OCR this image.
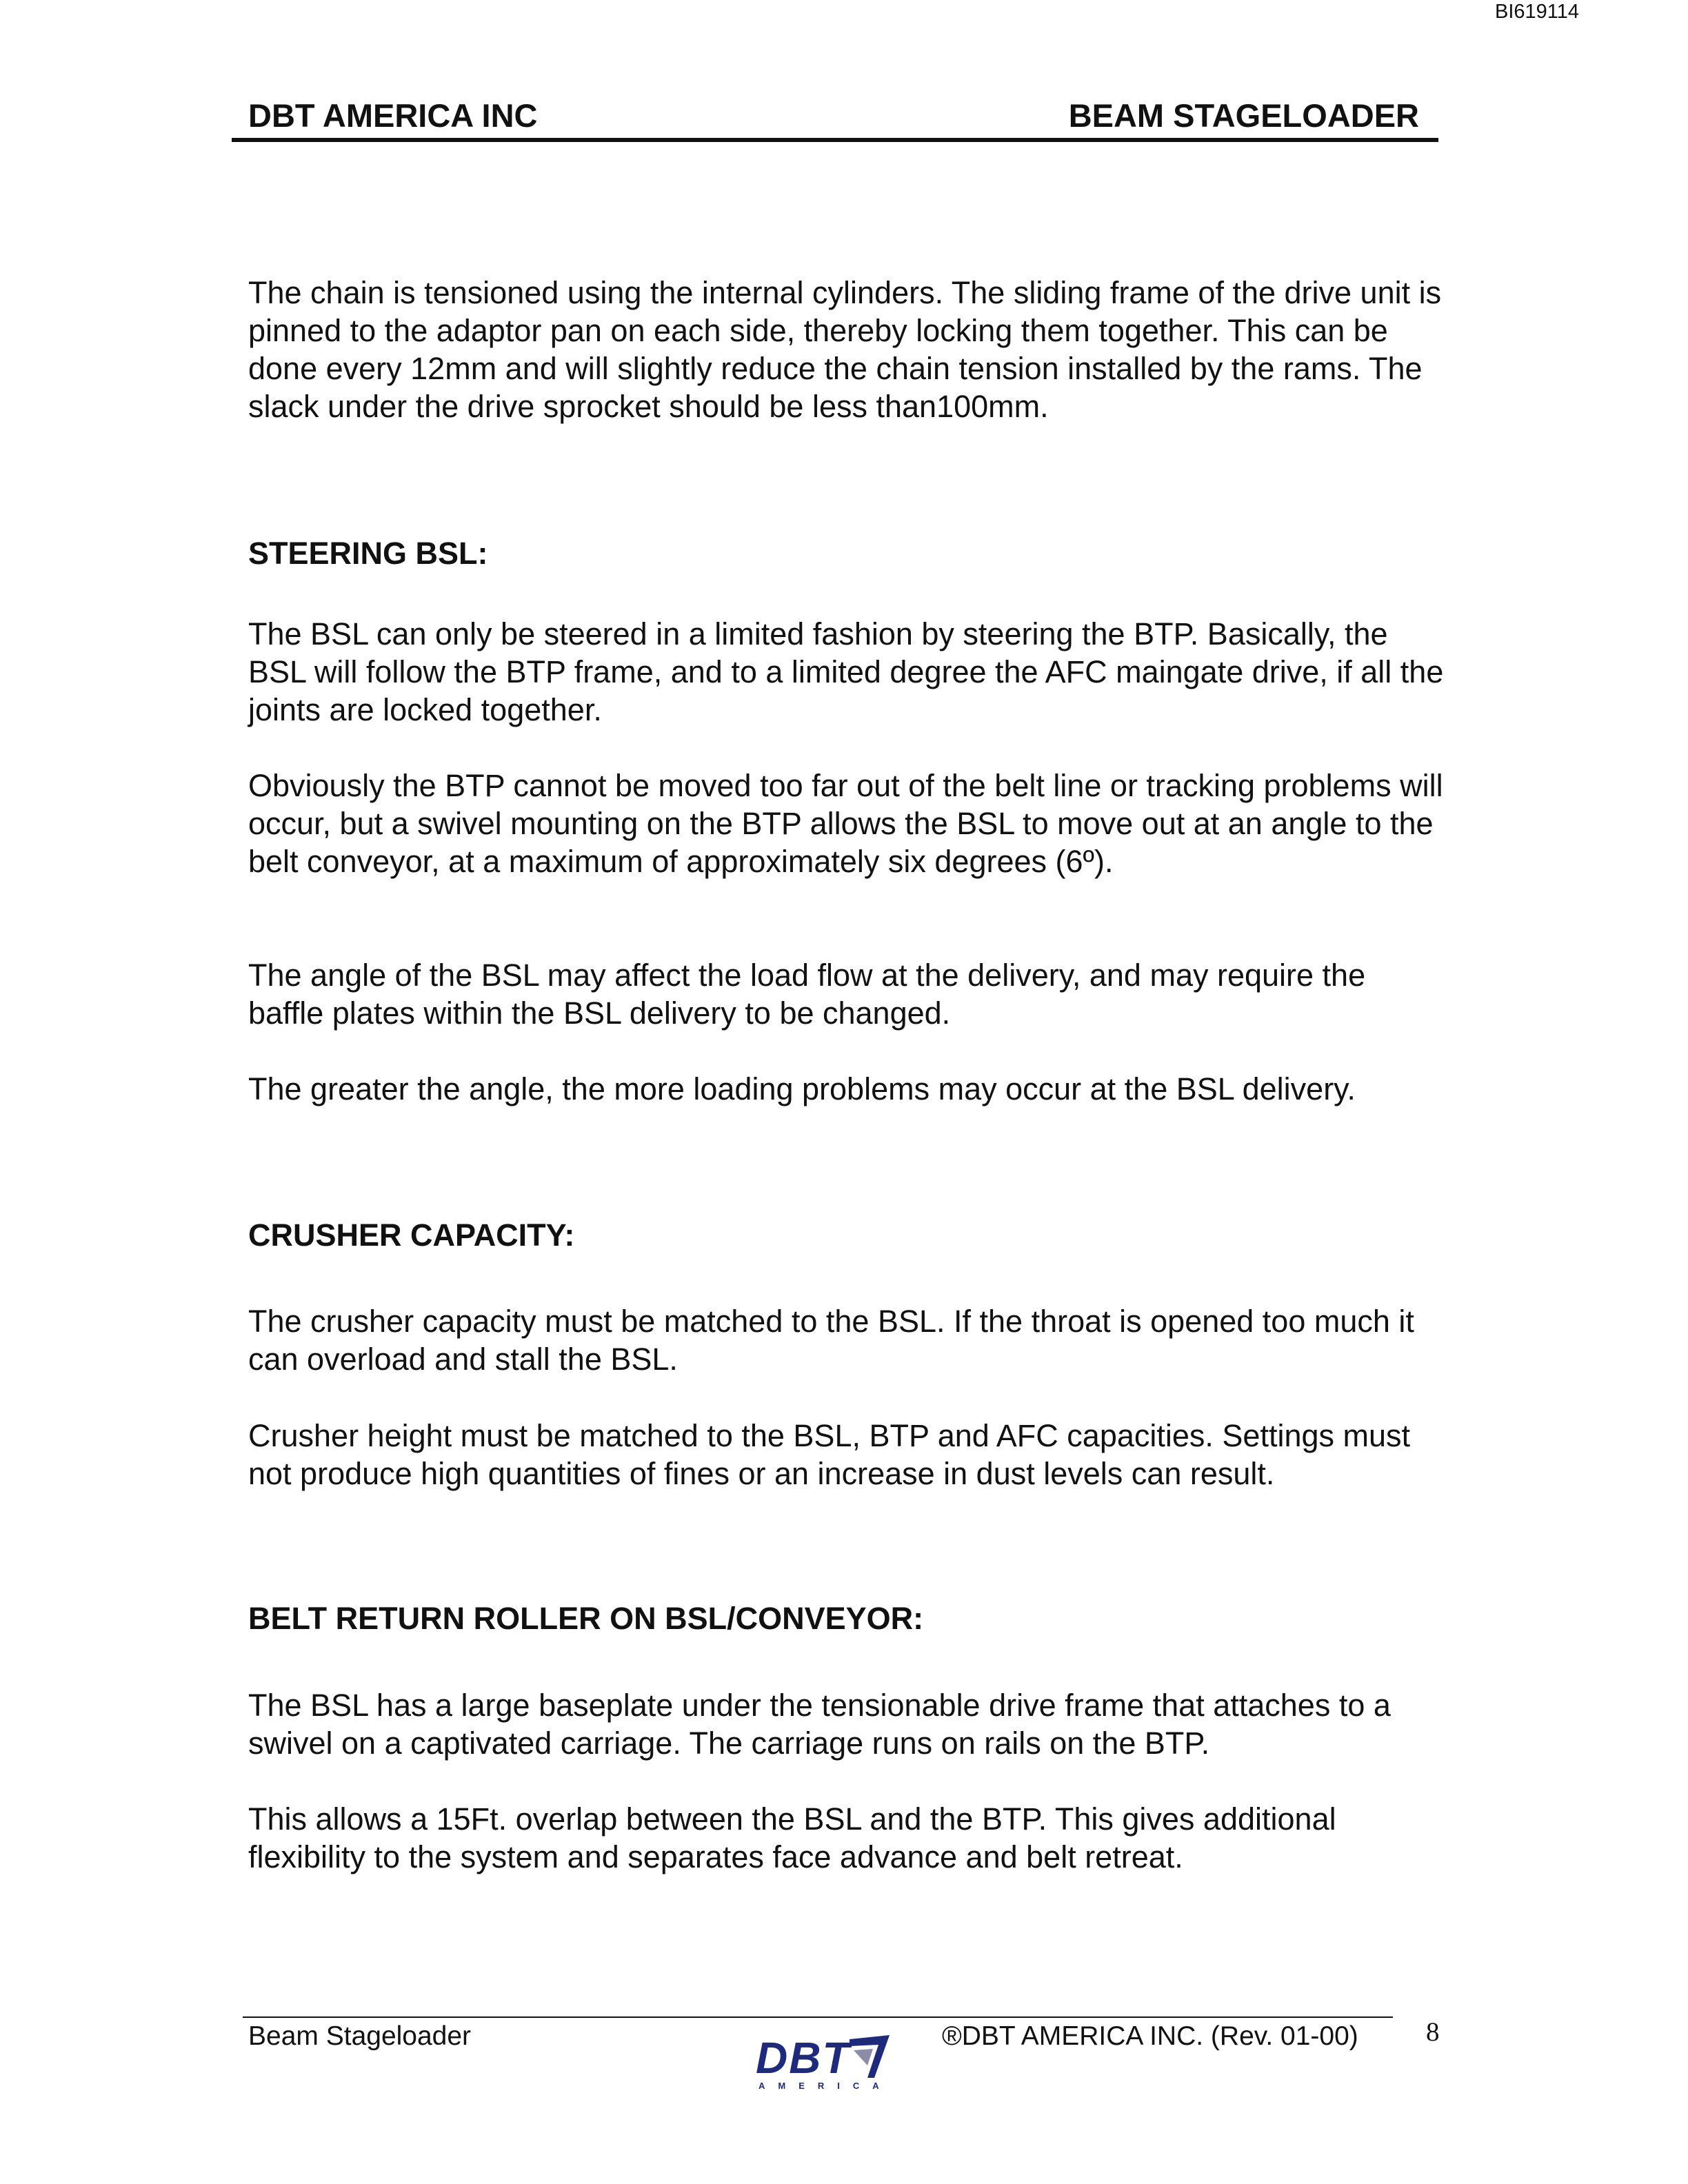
BI619114
DBT AMERICA INC	BEAM STAGELOADER
The chain is tensioned using the internal cylinders. The sliding frame of the drive unit is pinned to the adaptor pan on each side, thereby locking them together. This can be done every 12mm and will slightly reduce the chain tension installed by the rams. The slack under the drive sprocket should be less than100mm.
STEERING BSL:
The BSL can only be steered in a limited fashion by steering the BTP. Basically, the BSL will follow the BTP frame, and to a limited degree the AFC maingate drive, if all the joints are locked together.
Obviously the BTP cannot be moved too far out of the belt line or tracking problems will occur, but a swivel mounting on the BTP allows the BSL to move out at an angle to the belt conveyor, at a maximum of approximately six degrees (6º).
The angle of the BSL may affect the load flow at the delivery, and may require the baffle plates within the BSL delivery to be changed.
The greater the angle, the more loading problems may occur at the BSL delivery.
CRUSHER CAPACITY:
The crusher capacity must be matched to the BSL. If the throat is opened too much it can overload and stall the BSL.
Crusher height must be matched to the BSL, BTP and AFC capacities. Settings must not produce high quantities of fines or an increase in dust levels can result.
BELT RETURN ROLLER ON BSL/CONVEYOR:
The BSL has a large baseplate under the tensionable drive frame that attaches to a swivel on a captivated carriage. The carriage runs on rails on the BTP.
This allows a 15Ft. overlap between the BSL and the BTP. This gives additional flexibility to the system and separates face advance and belt retreat.
Beam Stageloader	®DBT AMERICA INC. (Rev. 01-00)	8
DBT
AMERICA
